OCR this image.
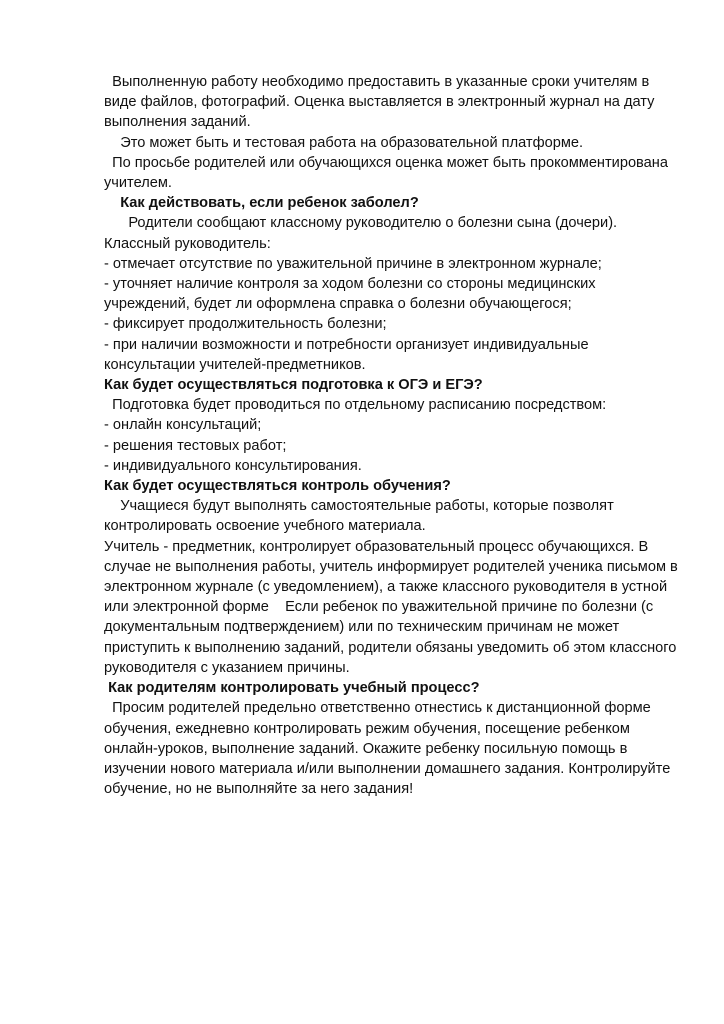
Выполненную работу необходимо предоставить в указанные сроки учителям в виде файлов, фотографий. Оценка выставляется в электронный журнал на дату выполнения заданий.

Это может быть и тестовая работа на образовательной платформе.

По просьбе родителей или обучающихся оценка может быть прокомментирована учителем.

Как действовать, если ребенок заболел?

Родители сообщают классному руководителю о болезни сына (дочери).

Классный руководитель:

- отмечает отсутствие по уважительной причине в электронном журнале;

- уточняет наличие контроля за ходом болезни со стороны медицинских учреждений, будет ли оформлена справка о болезни обучающегося;

- фиксирует продолжительность болезни;

- при наличии возможности и потребности организует индивидуальные консультации учителей-предметников.

Как будет осуществляться подготовка к ОГЭ и ЕГЭ?

Подготовка будет проводиться по отдельному расписанию посредством:

- онлайн консультаций;

- решения тестовых работ;

- индивидуального консультирования.

Как будет осуществляться контроль обучения?

Учащиеся будут выполнять самостоятельные работы, которые позволят контролировать освоение учебного материала.

Учитель - предметник, контролирует образовательный процесс обучающихся. В случае не выполнения работы, учитель информирует родителей ученика письмом в электронном журнале (с уведомлением), а также классного руководителя в устной или электронной форме    Если ребенок по уважительной причине по болезни (с документальным подтверждением) или по техническим причинам не может приступить к выполнению заданий, родители обязаны уведомить об этом классного руководителя с указанием причины.

Как родителям контролировать учебный процесс?

Просим родителей предельно ответственно отнестись к дистанционной форме обучения, ежедневно контролировать режим обучения, посещение ребенком онлайн-уроков, выполнение заданий. Окажите ребенку посильную помощь в изучении нового материала и/или выполнении домашнего задания. Контролируйте обучение, но не выполняйте за него задания!
